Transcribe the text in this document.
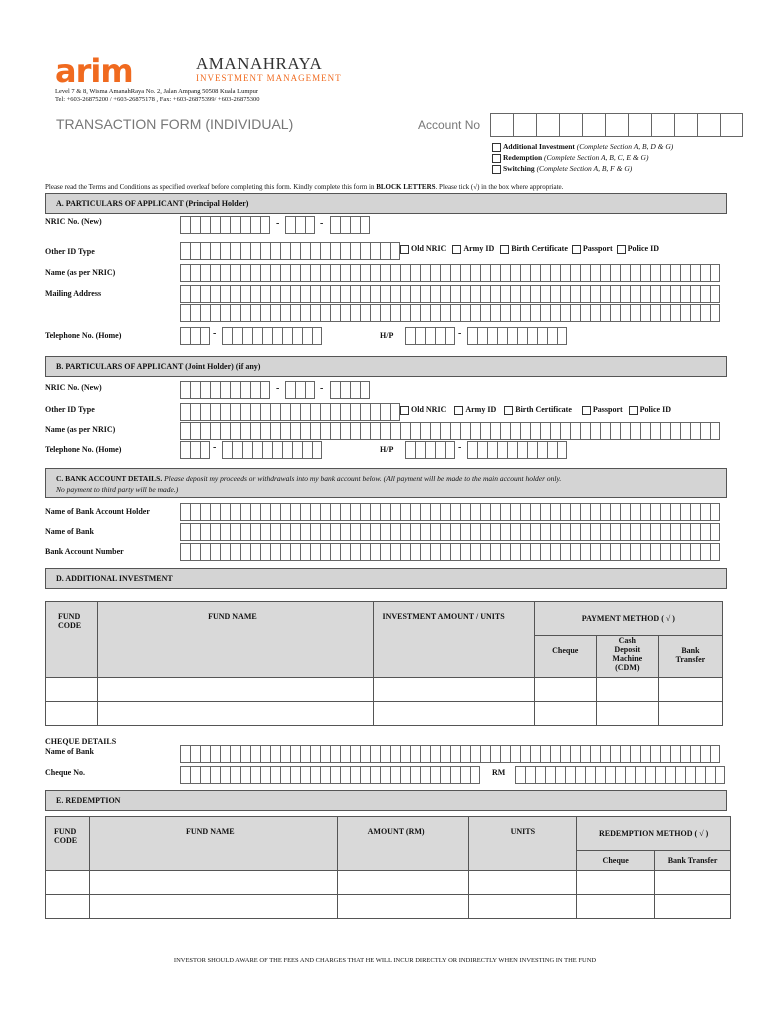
arim	AMANAHRAYA
INVESTMENT MANAGEMENT
Level 7 & 8, Wisma AmanahRaya No. 2, Jalan Ampang 50508 Kuala Lumpur
Tel: +603-26875200 / +603-26875178 , Fax: +603-26875399/ +603-26875300
TRANSACTION FORM (INDIVIDUAL)	Account No
Additional Investment (Complete Section A, B, D & G)
Redemption (Complete Section A, B, C, E & G)
Switching (Complete Section A, B, F & G)
Please read the Terms and Conditions as specified overleaf before completing this form. Kindly complete this form in BLOCK LETTERS. Please tick (√) in the box where appropriate.
A. PARTICULARS OF APPLICANT (Principal Holder)
NRIC No. (New)	-	-
Other ID Type	Old NRIC Army ID Birth Certificate Passport Police ID
Name (as per NRIC)
Mailing Address
Telephone No. (Home)	-	H/P	-
B. PARTICULARS OF APPLICANT (Joint Holder) (if any)
NRIC No. (New)	-	-
Other ID Type	Old NRIC Army ID Birth Certificate	Passport Police ID
Name (as per NRIC)
Telephone No. (Home)	-	H/P	-
C. BANK ACCOUNT DETAILS. Please deposit my proceeds or withdrawals into my bank account below. (All payment will be made to the main account holder only.
No payment to third party will be made.)
Name of Bank Account Holder
Name of Bank
Bank Account Number
D. ADDITIONAL INVESTMENT
FUND CODE	FUND NAME	INVESTMENT AMOUNT / UNITS	PAYMENT METHOD ( √ )		
			Cheque	Cash Deposit Machine (CDM)	Bank Transfer

CHEQUE DETAILS
Name of Bank
Cheque No.	RM
E. REDEMPTION
FUND CODE	FUND NAME	AMOUNT (RM)	UNITS	REDEMPTION METHOD ( √ )	
				Cheque	Bank Transfer

INVESTOR SHOULD AWARE OF THE FEES AND CHARGES THAT HE WILL INCUR DIRECTLY OR INDIRECTLY WHEN INVESTING IN THE FUND
